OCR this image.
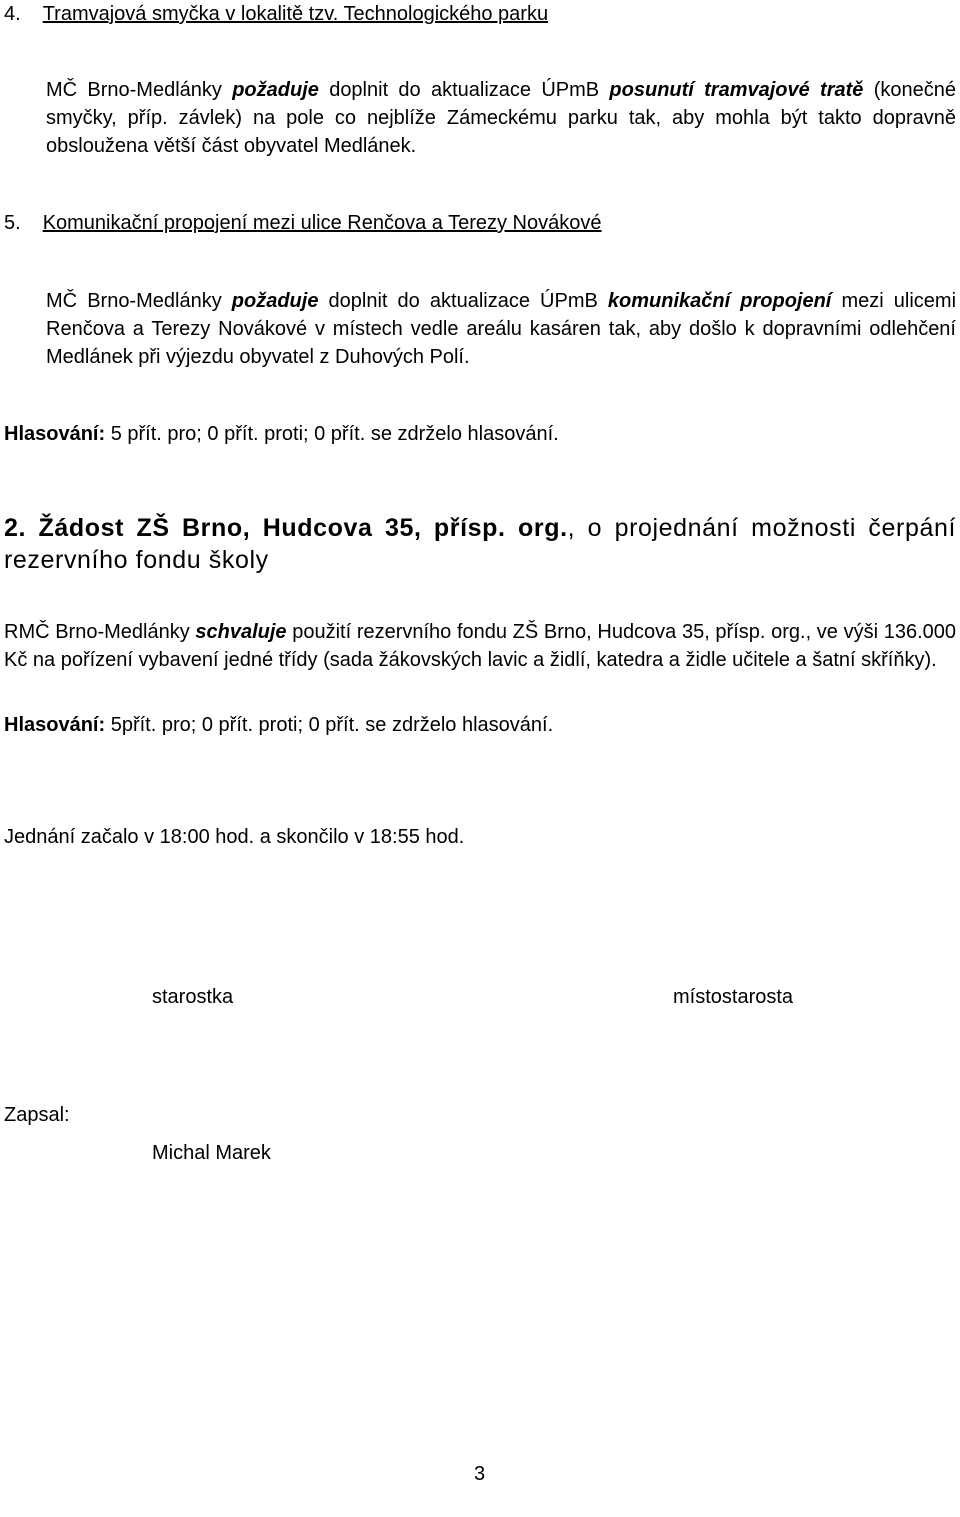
4. Tramvajová smyčka v lokalitě tzv. Technologického parku
MČ Brno-Medlánky požaduje doplnit do aktualizace ÚPmB posunutí tramvajové tratě (konečné smyčky, příp. závlek) na pole co nejblíže Zámeckému parku tak, aby mohla být takto dopravně obsloužena větší část obyvatel Medlánek.
5. Komunikační propojení mezi ulice Renčova a Terezy Novákové
MČ Brno-Medlánky požaduje doplnit do aktualizace ÚPmB komunikační propojení mezi ulicemi Renčova a Terezy Novákové v místech vedle areálu kasáren tak, aby došlo k dopravními odlehčení Medlánek při výjezdu obyvatel z Duhových Polí.
Hlasování: 5 přít. pro; 0 přít. proti; 0 přít. se zdrželo hlasování.
2. Žádost ZŠ Brno, Hudcova 35, přísp. org., o projednání možnosti čerpání rezervního fondu školy
RMČ Brno-Medlánky schvaluje použití rezervního fondu ZŠ Brno, Hudcova 35, přísp. org., ve výši 136.000 Kč na pořízení vybavení jedné třídy (sada žákovských lavic a židlí, katedra a židle učitele a šatní skříňky).
Hlasování: 5přít. pro; 0 přít. proti; 0 přít. se zdrželo hlasování.
Jednání začalo v 18:00 hod. a skončilo v 18:55 hod.
starostka	místostarosta
Zapsal:
Michal Marek
3
